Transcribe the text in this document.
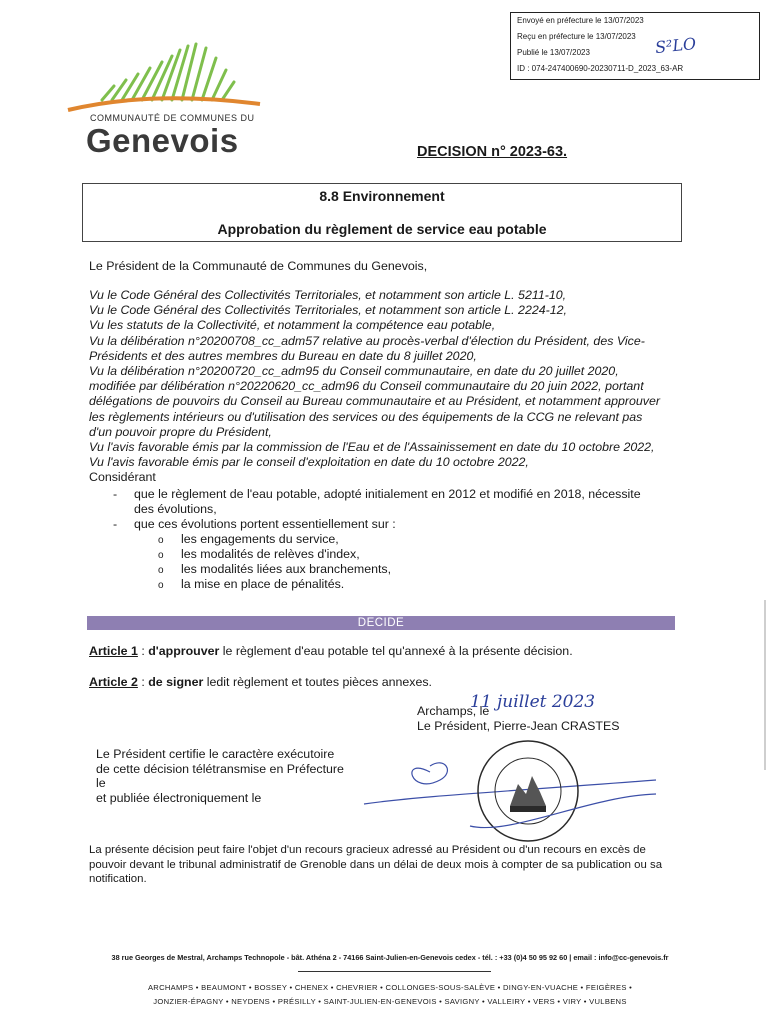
Envoyé en préfecture le 13/07/2023
Reçu en préfecture le 13/07/2023
Publié le 13/07/2023
ID : 074-247400690-20230711-D_2023_63-AR
S²LO
COMMUNAUTÉ DE COMMUNES DU
Genevois	DECISION n° 2023-63.
8.8 Environnement
Approbation du règlement de service eau potable
Le Président de la Communauté de Communes du Genevois,
Vu le Code Général des Collectivités Territoriales, et notamment son article L. 5211-10,
Vu le Code Général des Collectivités Territoriales, et notamment son article L. 2224-12,
Vu les statuts de la Collectivité, et notamment la compétence eau potable,
Vu la délibération n°20200708_cc_adm57 relative au procès-verbal d'élection du Président, des Vice-
Présidents et des autres membres du Bureau en date du 8 juillet 2020,
Vu la délibération n°20200720_cc_adm95 du Conseil communautaire, en date du 20 juillet 2020,
modifiée par délibération n°20220620_cc_adm96 du Conseil communautaire du 20 juin 2022, portant
délégations de pouvoirs du Conseil au Bureau communautaire et au Président, et notamment approuver
les règlements intérieurs ou d'utilisation des services ou des équipements de la CCG ne relevant pas
d'un pouvoir propre du Président,
Vu l'avis favorable émis par la commission de l'Eau et de l'Assainissement en date du 10 octobre 2022,
Vu l'avis favorable émis par le conseil d'exploitation en date du 10 octobre 2022,
Considérant
- que le règlement de l'eau potable, adopté initialement en 2012 et modifié en 2018, nécessite
des évolutions,
- que ces évolutions portent essentiellement sur :
o les engagements du service,
o les modalités de relèves d'index,
o les modalités liées aux branchements,
o la mise en place de pénalités.
DECIDE
Article 1 : d'approuver le règlement d'eau potable tel qu'annexé à la présente décision.
Article 2 : de signer ledit règlement et toutes pièces annexes.
Archamps, le
11 juillet 2023
Le Président, Pierre-Jean CRASTES
Le Président certifie le caractère exécutoire
de cette décision télétransmise en Préfecture
le
et publiée électroniquement le
La présente décision peut faire l'objet d'un recours gracieux adressé au Président ou d'un recours en excès de pouvoir devant le tribunal administratif de Grenoble dans un délai de deux mois à compter de sa publication ou sa notification.
38 rue Georges de Mestral, Archamps Technopole - bât. Athéna 2 - 74166 Saint-Julien-en-Genevois cedex - tél. : +33 (0)4 50 95 92 60 | email : info@cc-genevois.fr
ARCHAMPS • BEAUMONT • BOSSEY • CHENEX • CHEVRIER • COLLONGES-SOUS-SALÈVE • DINGY-EN-VUACHE • FEIGÈRES •
JONZIER-ÉPAGNY • NEYDENS • PRÉSILLY • SAINT-JULIEN-EN-GENEVOIS • SAVIGNY • VALLEIRY • VERS • VIRY • VULBENS
